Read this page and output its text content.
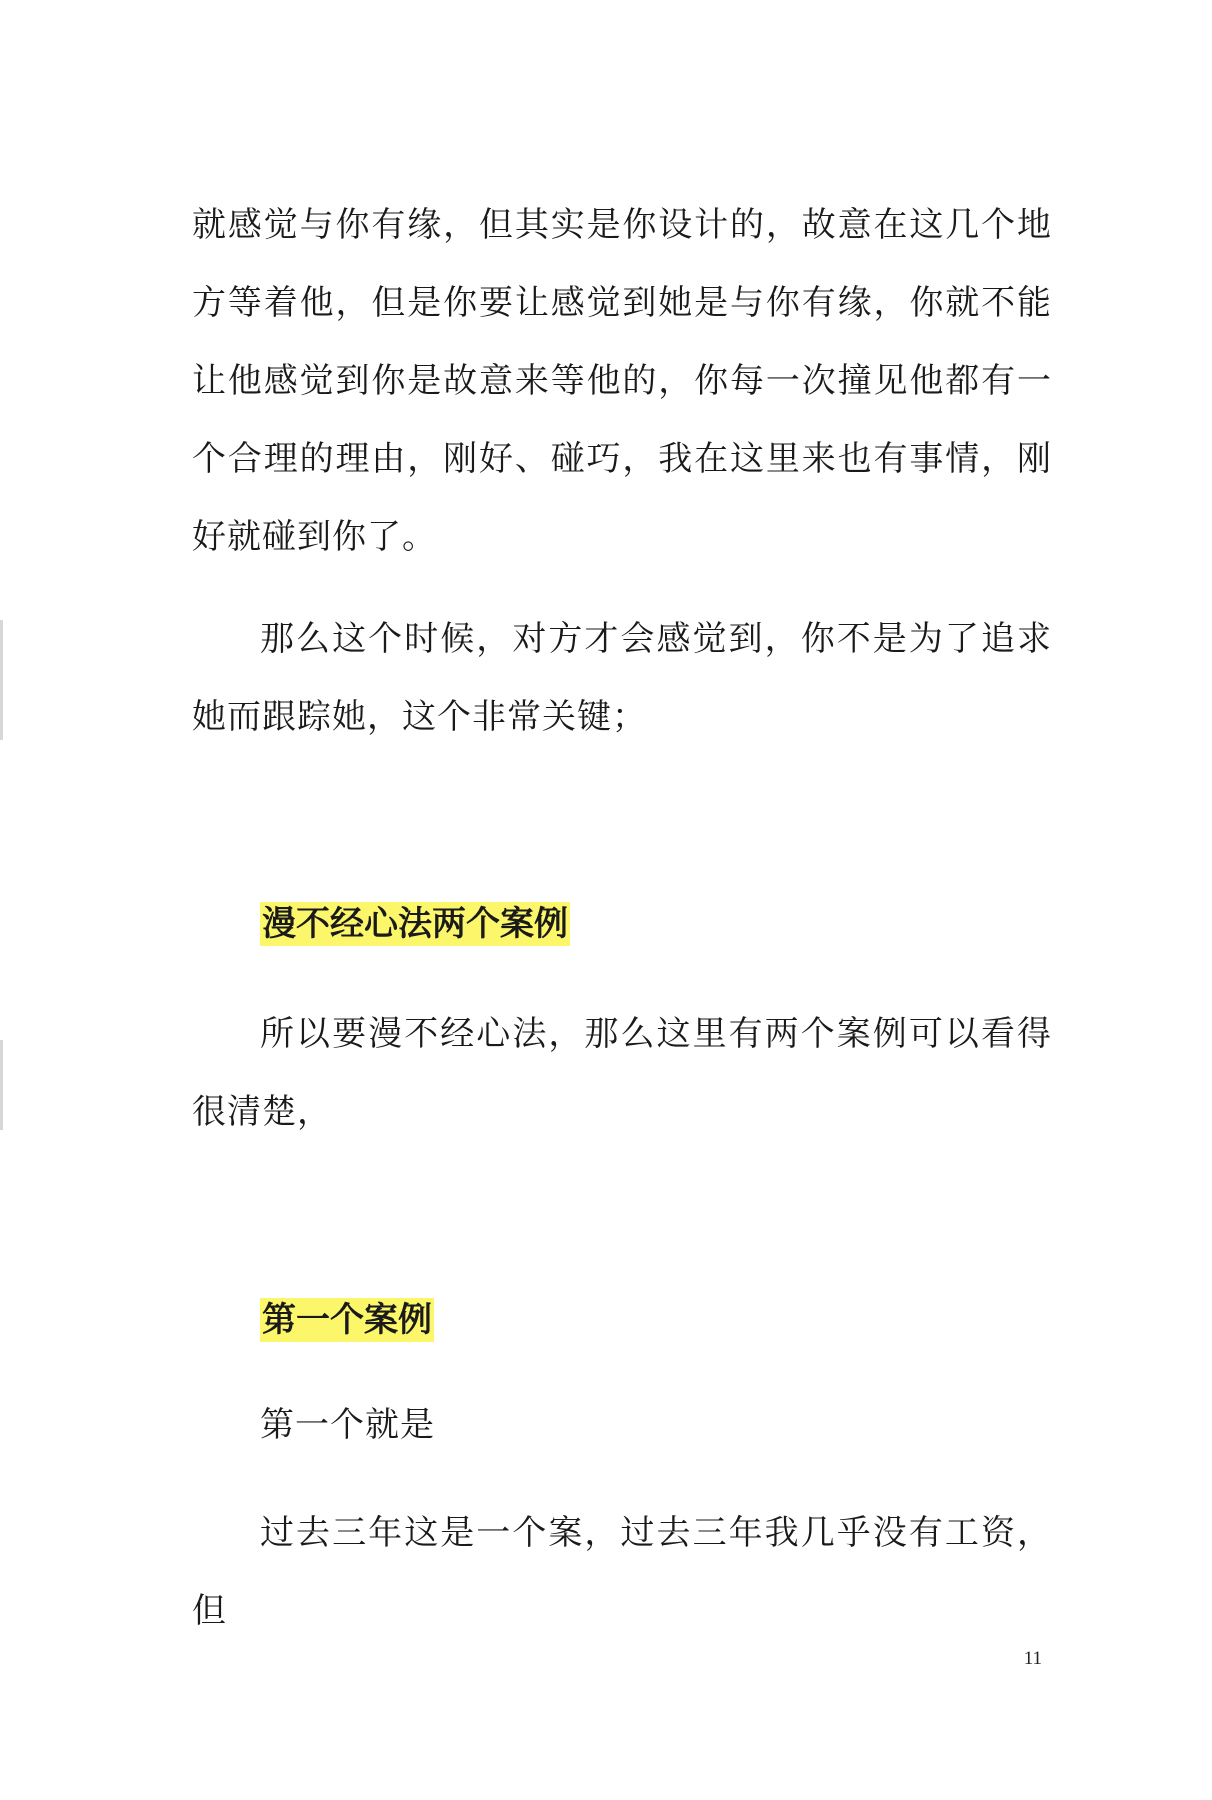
就感觉与你有缘，但其实是你设计的，故意在这几个地方等着他，但是你要让感觉到她是与你有缘，你就不能让他感觉到你是故意来等他的，你每一次撞见他都有一个合理的理由，刚好、碰巧，我在这里来也有事情，刚好就碰到你了。

那么这个时候，对方才会感觉到，你不是为了追求她而跟踪她，这个非常关键；

漫不经心法两个案例

所以要漫不经心法，那么这里有两个案例可以看得很清楚，

第一个案例

第一个就是

过去三年这是一个案，过去三年我几乎没有工资，但

11
